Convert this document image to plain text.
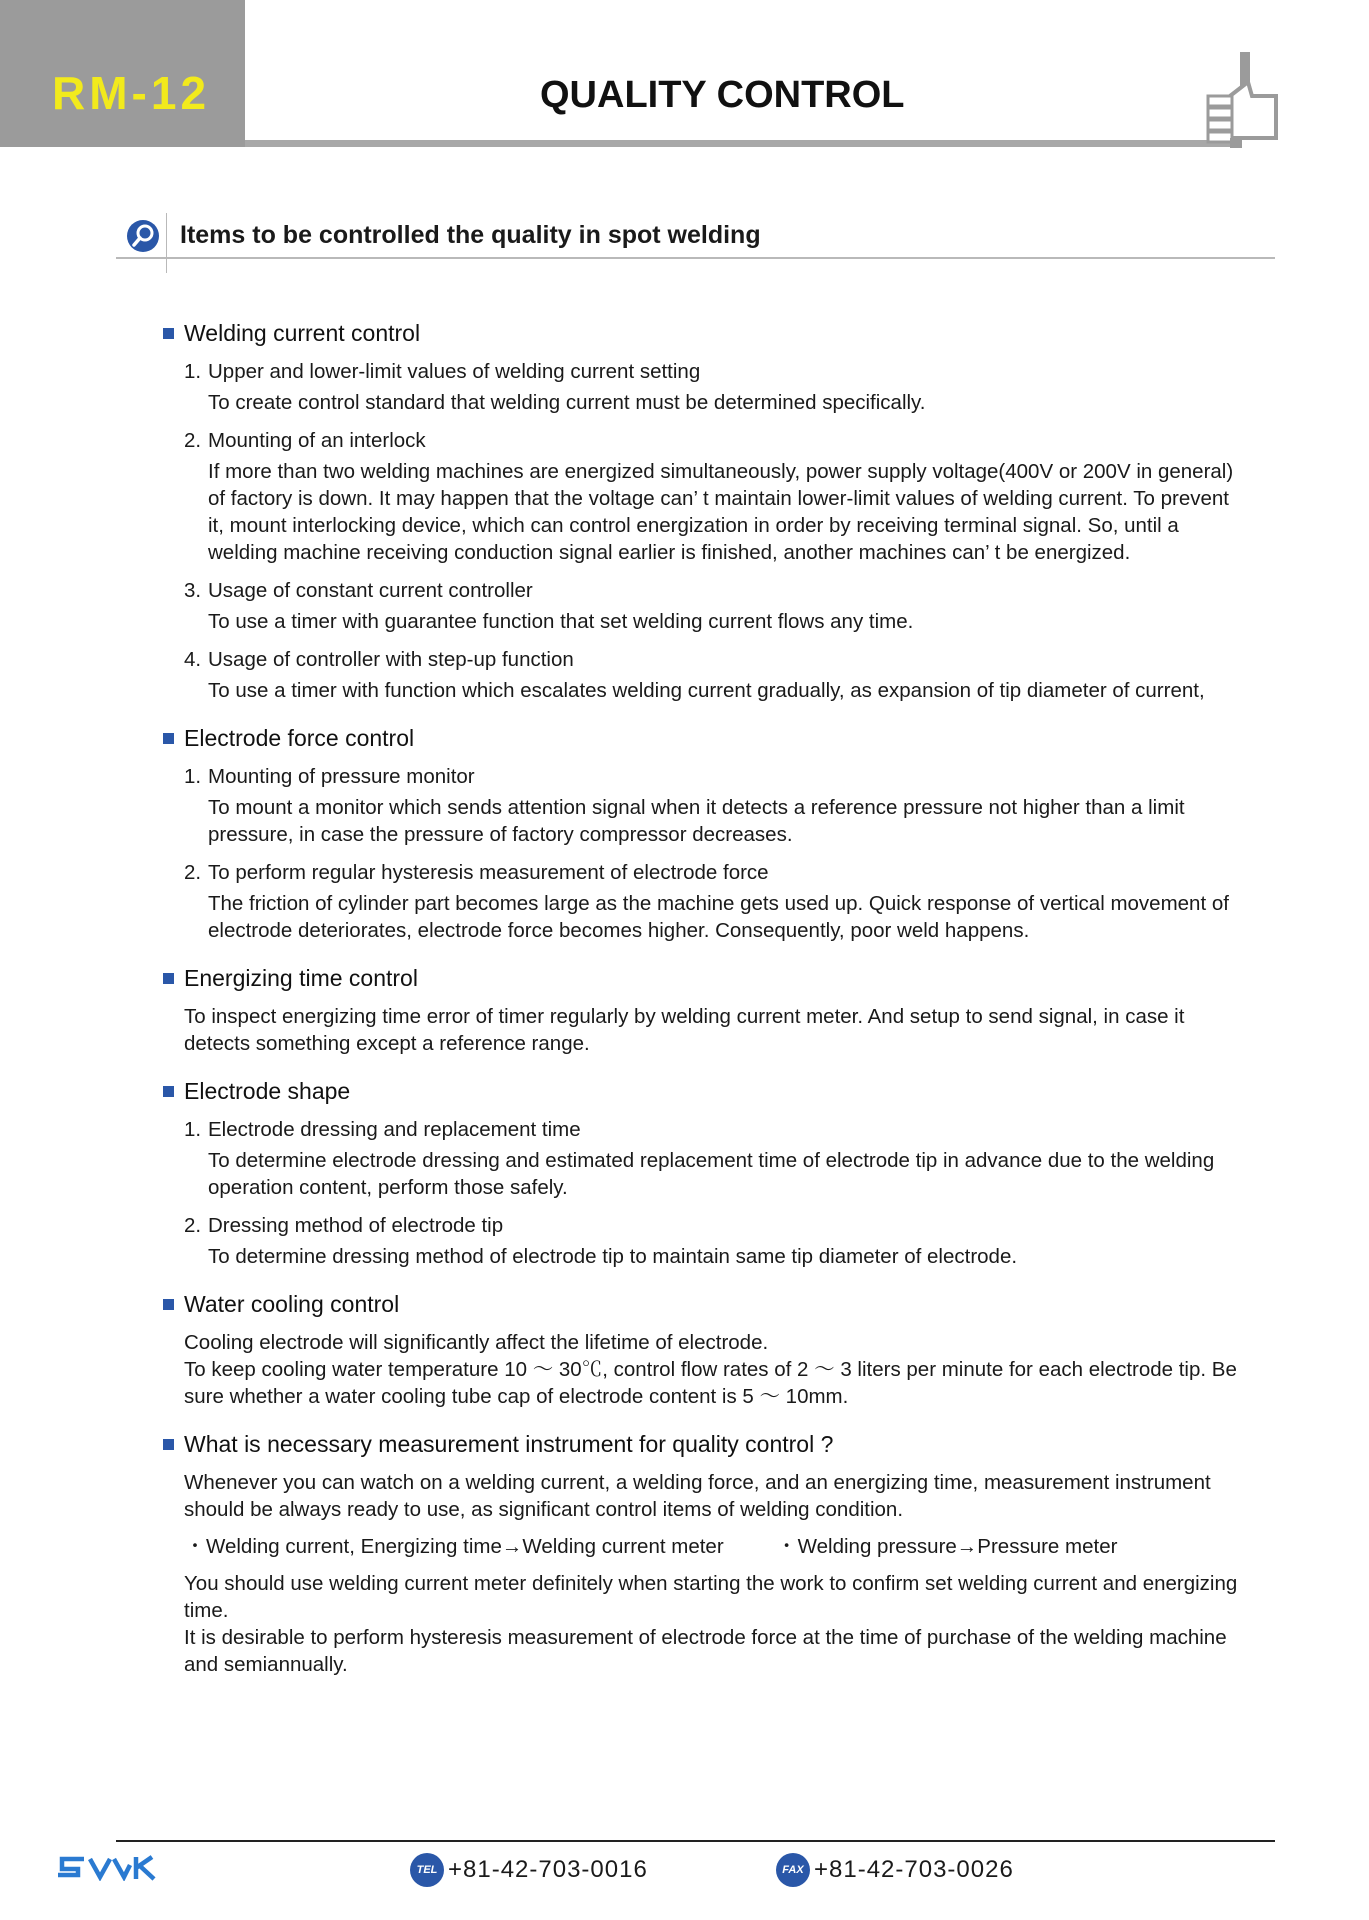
RM-12	QUALITY CONTROL
Items to be controlled the quality in spot welding
Welding current control
1. Upper and lower-limit values of welding current setting
To create control standard that welding current must be determined specifically.
2. Mounting of an interlock
If more than two welding machines are energized simultaneously, power supply voltage(400V or 200V in general) of factory is down. It may happen that the voltage can’ t maintain lower-limit values of welding current. To prevent it, mount interlocking device, which can control energization in order by receiving terminal signal. So, until a welding machine receiving conduction signal earlier is finished, another machines can’ t be energized.
3. Usage of constant current controller
To use a timer with guarantee function that set welding current flows any time.
4. Usage of controller with step-up function
To use a timer with function which escalates welding current gradually, as expansion of tip diameter of current,
Electrode force control
1. Mounting of pressure monitor
To mount a monitor which sends attention signal when it detects a reference pressure not higher than a limit pressure, in case the pressure of factory compressor decreases.
2. To perform regular hysteresis measurement of electrode force
The friction of cylinder part becomes large as the machine gets used up. Quick response of vertical movement of electrode deteriorates, electrode force becomes higher. Consequently, poor weld happens.
Energizing time control
To inspect energizing time error of timer regularly by welding current meter. And setup to send signal, in case it detects something except a reference range.
Electrode shape
1. Electrode dressing and replacement time
To determine electrode dressing and estimated replacement time of electrode tip in advance due to the welding operation content, perform those safely.
2. Dressing method of electrode tip
To determine dressing method of electrode tip to maintain same tip diameter of electrode.
Water cooling control
Cooling electrode will significantly affect the lifetime of electrode.
To keep cooling water temperature 10 〜 30℃, control flow rates of 2 〜 3 liters per minute for each electrode tip. Be sure whether a water cooling tube cap of electrode content is 5 〜 10mm.
What is necessary measurement instrument for quality control ?
Whenever you can watch on a welding current, a welding force, and an energizing time, measurement instrument should be always ready to use, as significant control items of welding condition.
・Welding current, Energizing time→Welding current meter	・Welding pressure→Pressure meter
You should use welding current meter definitely when starting the work to confirm set welding current and energizing time.
It is desirable to perform hysteresis measurement of electrode force at the time of purchase of the welding machine and semiannually.
TEL +81-42-703-0016	FAX +81-42-703-0026
